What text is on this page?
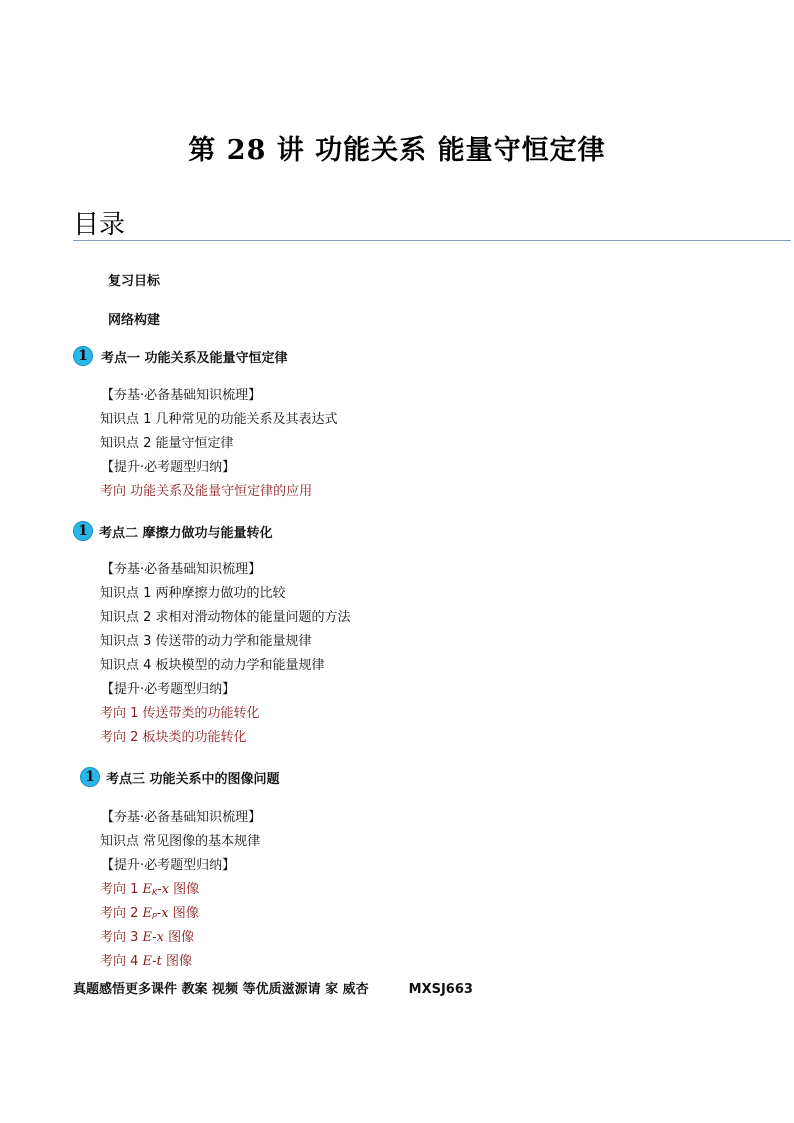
第 28 讲 功能关系 能量守恒定律
目录
复习目标
网络构建
1	考点一 功能关系及能量守恒定律
【夯基·必备基础知识梳理】
知识点 1 几种常见的功能关系及其表达式
知识点 2 能量守恒定律
【提升·必考题型归纳】
考向 功能关系及能量守恒定律的应用
1 考点二 摩擦力做功与能量转化
【夯基·必备基础知识梳理】
知识点 1 两种摩擦力做功的比较
知识点 2 求相对滑动物体的能量问题的方法
知识点 3 传送带的动力学和能量规律
知识点 4 板块模型的动力学和能量规律
【提升·必考题型归纳】
考向 1 传送带类的功能转化
考向 2 板块类的功能转化
1 考点三 功能关系中的图像问题
【夯基·必备基础知识梳理】
知识点 常见图像的基本规律
【提升·必考题型归纳】
考向 1 $E_K-x$ 图像
考向 2 $E_P-x$ 图像
考向 3 E-x 图像
考向 4 E-t 图像
真题感悟更多课件 教案 视频 等优质滋源请 家 威杏	MXSJ663
